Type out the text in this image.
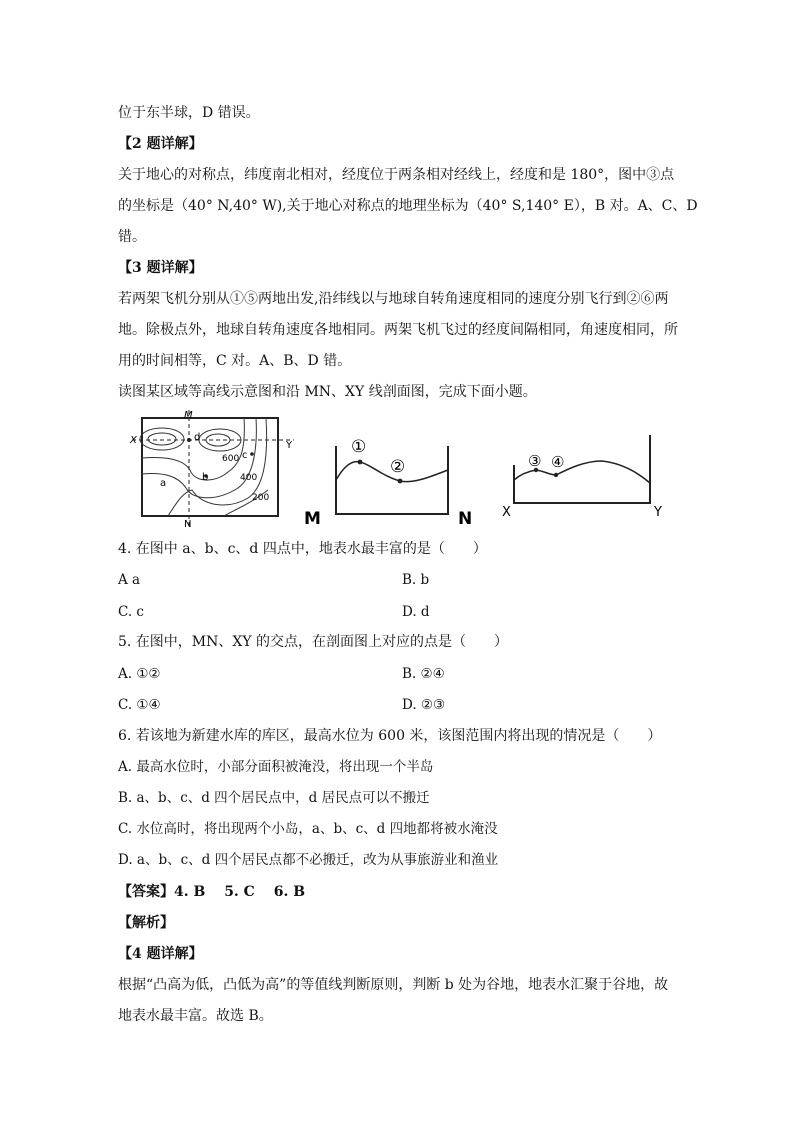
位于东半球，D 错误。
【2 题详解】
关于地心的对称点，纬度南北相对，经度位于两条相对经线上，经度和是 180°，图中③点
的坐标是（40° N,40° W),关于地心对称点的地理坐标为（40° S,140° E），B 对。A、C、D
错。
【3 题详解】
若两架飞机分别从①⑤两地出发,沿纬线以与地球自转角速度相同的速度分别飞行到②⑥两
地。除极点外，地球自转角速度各地相同。两架飞机飞过的经度间隔相同，角速度相同，所
用的时间相等，C 对。A、B、D 错。
读图某区域等高线示意图和沿 MN、XY 线剖面图，完成下面小题。
M
N
X	Y
a
b
c
d
600
400
200
①
②
M	N
③ ④
X	Y
4. 在图中 a、b、c、d 四点中，地表水最丰富的是（　　）
A a	B. b
C. c	D. d
5. 在图中，MN、XY 的交点，在剖面图上对应的点是（　　）
A. ①②	B. ②④
C. ①④	D. ②③
6. 若该地为新建水库的库区，最高水位为 600 米，该图范围内将出现的情况是（　　）
A. 最高水位时，小部分面积被淹没，将出现一个半岛
B. a、b、c、d 四个居民点中，d 居民点可以不搬迁
C. 水位高时，将出现两个小岛，a、b、c、d 四地都将被水淹没
D. a、b、c、d 四个居民点都不必搬迁，改为从事旅游业和渔业
【答案】4. B　 5. C　 6. B
【解析】
【4 题详解】
根据“凸高为低，凸低为高”的等值线判断原则，判断 b 处为谷地，地表水汇聚于谷地，故
地表水最丰富。故选 B。
